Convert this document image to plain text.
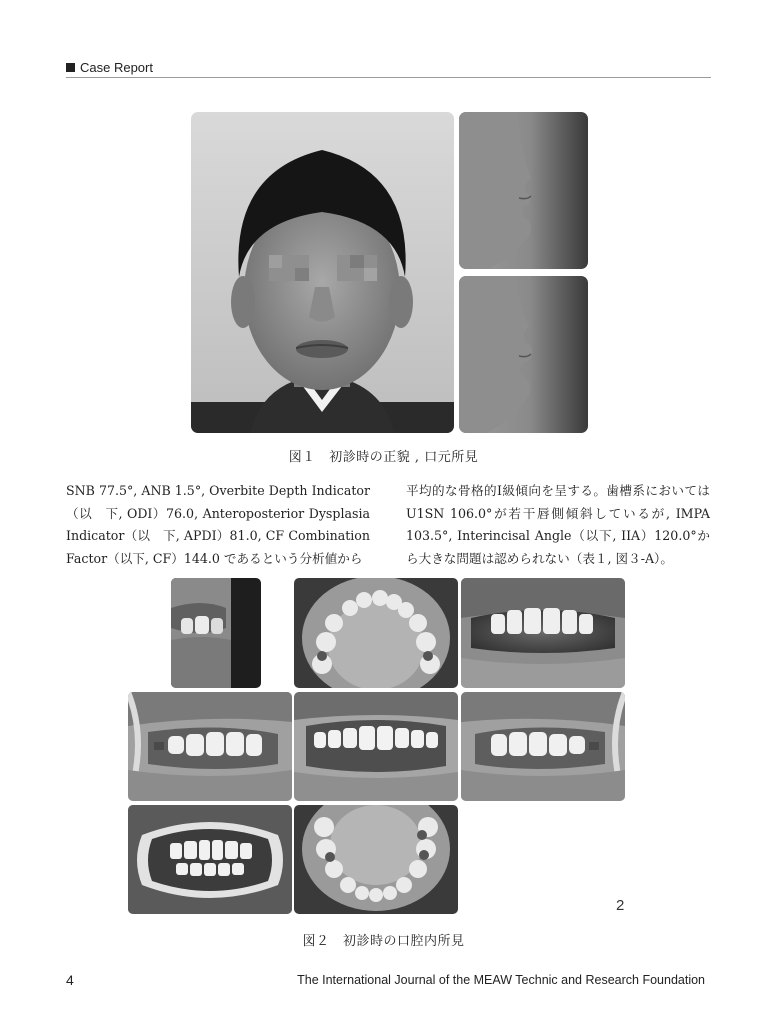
Case Report
図１　初診時の正貌 , 口元所見

SNB 77.5°, ANB 1.5°, Overbite Depth Indicator（以　下, ODI）76.0, Anteroposterior Dysplasia Indicator（以　下, APDI）81.0, CF Combination Factor（以下, CF）144.0 であるという分析値から

平均的な骨格的Ⅰ級傾向を呈する。歯槽系においてはU1SN 106.0°が若干唇側傾斜しているが, IMPA 103.5°, Interincisal Angle（以下, IIA）120.0°から大きな問題は認められない（表１, 図３-A）。

2
図２　初診時の口腔内所見
4	The International Journal of the MEAW Technic and Research Foundation
